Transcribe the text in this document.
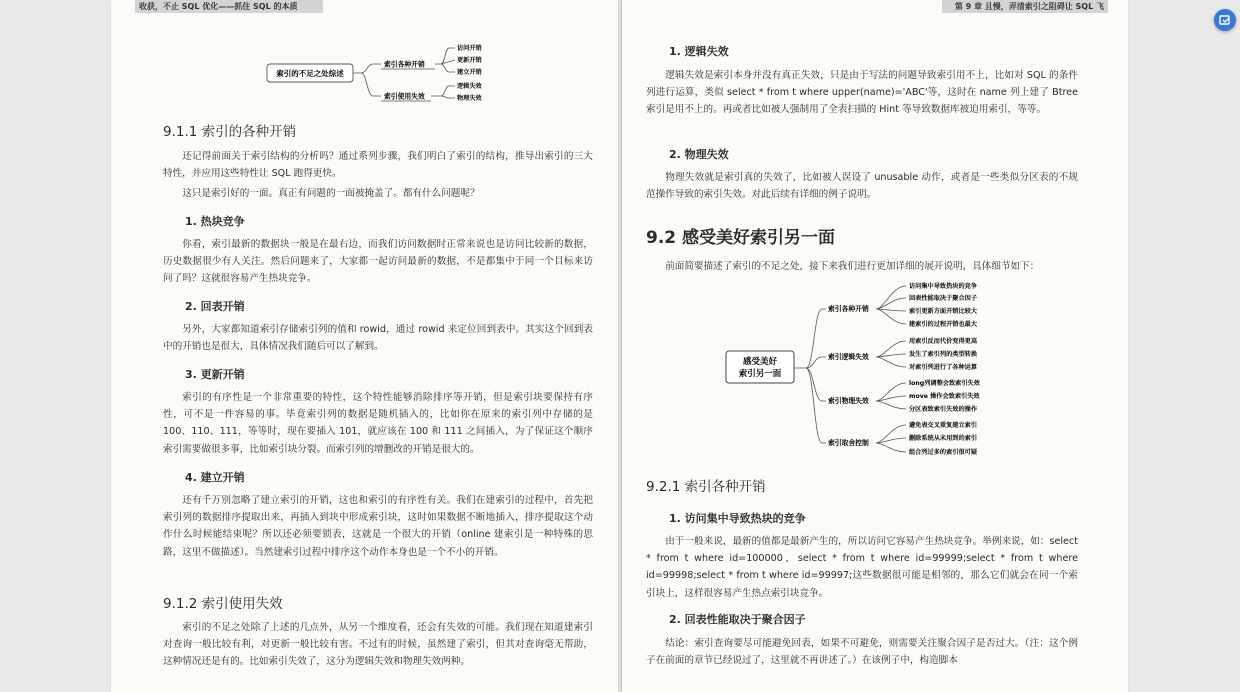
收获，不止 SQL 优化——抓住 SQL 的本质
索引的不足之处综述
索引各种开销
索引使用失效
访问开销
更新开销
建立开销
逻辑失效
物理失效

9.1.1 索引的各种开销

还记得前面关于索引结构的分析吗？通过系列步骤，我们明白了索引的结构，推导出索引的三大特性，并应用这些特性让 SQL 跑得更快。

这只是索引好的一面。真正有问题的一面被掩盖了。都有什么问题呢？

1. 热块竞争

你看，索引最新的数据块一般是在最右边，而我们访问数据时正常来说也是访问比较新的数据，历史数据很少有人关注。然后问题来了，大家都一起访问最新的数据，不是都集中于同一个目标来访问了吗？这就很容易产生热块竞争。

2. 回表开销

另外，大家都知道索引存储索引列的值和 rowid，通过 rowid 来定位回到表中。其实这个回到表中的开销也是很大，具体情况我们随后可以了解到。

3. 更新开销

索引的有序性是一个非常重要的特性，这个特性能够消除排序等开销，但是索引块要保持有序性，可不是一件容易的事。毕竟索引列的数据是随机插入的，比如你在原来的索引列中存储的是 100、110、111，等等时，现在要插入 101，就应该在 100 和 111 之间插入，为了保证这个顺序索引需要做很多事，比如索引块分裂。而索引列的增删改的开销是很大的。

4. 建立开销

还有千万别忽略了建立索引的开销，这也和索引的有序性有关。我们在建索引的过程中，首先把索引列的数据排序提取出来，再插入到块中形成索引块，这时如果数据不断地插入，排序提取这个动作什么时候能结束呢？所以还必须要锁表，这就是一个很大的开销（online 建索引是一种特殊的思路，这里不做描述）。当然建索引过程中排序这个动作本身也是一个不小的开销。

9.1.2 索引使用失效

索引的不足之处除了上述的几点外，从另一个维度看，还会有失效的可能。我们现在知道建索引对查询一般比较有利，对更新一般比较有害。不过有的时候，虽然建了索引，但其对查询毫无帮助，这种情况还是有的。比如索引失效了，这分为逻辑失效和物理失效两种。

第 9 章 且慢，弄清索引之阻碍让 SQL 飞

1. 逻辑失效

逻辑失效是索引本身并没有真正失效，只是由于写法的问题导致索引用不上，比如对 SQL 的条件列进行运算，类似 select * from t where upper(name)='ABC'等，这时在 name 列上建了 Btree 索引是用不上的。再或者比如被人强制用了全表扫描的 Hint 等导致数据库被迫用索引，等等。

2. 物理失效

物理失效就是索引真的失效了，比如被人误设了 unusable 动作，或者是一些类似分区表的不规范操作导致的索引失效。对此后续有详细的例子说明。

9.2 感受美好索引另一面

前面简要描述了索引的不足之处，接下来我们进行更加详细的展开说明，具体细节如下：

感受美好
索引另一面
索引各种开销
索引逻辑失效
索引物理失效
索引取舍控制
访问集中导致热块的竞争
回表性能取决于聚合因子
索引更新方面开销比较大
建索引的过程开销也最大
用索引反而代价变得更高
发生了索引列的类型转换
对索引列进行了各种运算
long列调整会致索引失效
move 操作会致索引失效
分区表致索引失效的操作
避免表交叉重复建立索引
删除系统从未用到的索引
组合列过多的索引很可疑

9.2.1 索引各种开销

1. 访问集中导致热块的竞争

由于一般来说，最新的值都是最新产生的，所以访问它容易产生热块竞争。举例来说，如：select * from t where id=100000，select * from t where id=99999;select * from t where id=99998;select * from t where id=99997;这些数据很可能是相邻的，那么它们就会在同一个索引块上，这样很容易产生热点索引块竞争。

2. 回表性能取决于聚合因子

结论：索引查询要尽可能避免回表，如果不可避免，则需要关注聚合因子是否过大。（注：这个例子在前面的章节已经说过了，这里就不再讲述了。）在该例子中，构造脚本
